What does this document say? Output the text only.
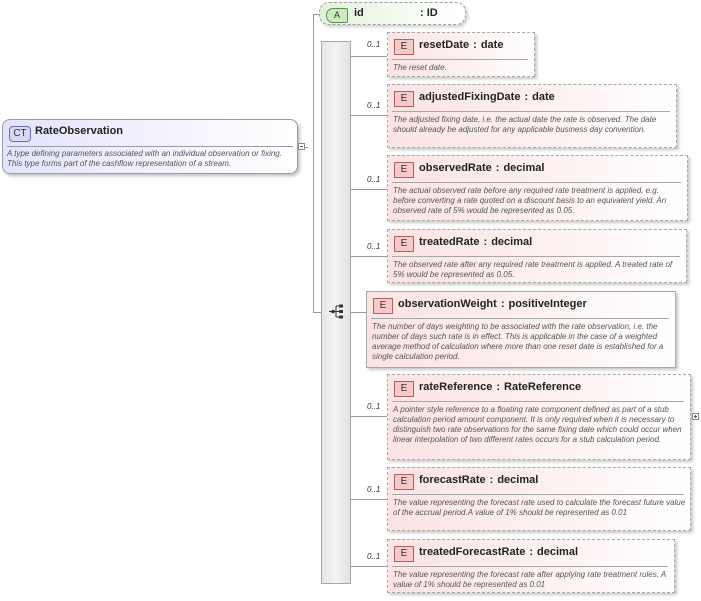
CT RateObservation
A type defining parameters associated with an individual observation or fixing. This type forms part of the cashflow representation of a stream.
A	id	: ID
0..1	E	resetDate : date
The reset date.
0..1
E	adjustedFixingDate : date
The adjusted fixing date, i.e. the actual date the rate is observed. The date should already be adjusted for any applicable business day convention.
0..1
E	observedRate : decimal
The actual observed rate before any required rate treatment is applied, e.g. before converting a rate quoted on a discount basis to an equivalent yield. An observed rate of 5% would be represented as 0.05.
0..1	E	treatedRate : decimal
The observed rate after any required rate treatment is applied. A treated rate of 5% would be represented as 0.05.
E	observationWeight : positiveInteger
The number of days weighting to be associated with the rate observation, i.e. the number of days such rate is in effect. This is applicable in the case of a weighted average method of calculation where more than one reset date is established for a single calculation period.
0..1
E	rateReference : RateReference
A pointer style reference to a floating rate component defined as part of a stub calculation period amount component. It is only required when it is necessary to distinguish two rate observations for the same fixing date which could occur when linear interpolation of two different rates occurs for a stub calculation period.
0..1
E	forecastRate : decimal
The value representing the forecast rate used to calculate the forecast future value of the accrual period.A value of 1% should be represented as 0.01
0..1	E	treatedForecastRate : decimal
The value representing the forecast rate after applying rate treatment rules. A value of 1% should be represented as 0.01
